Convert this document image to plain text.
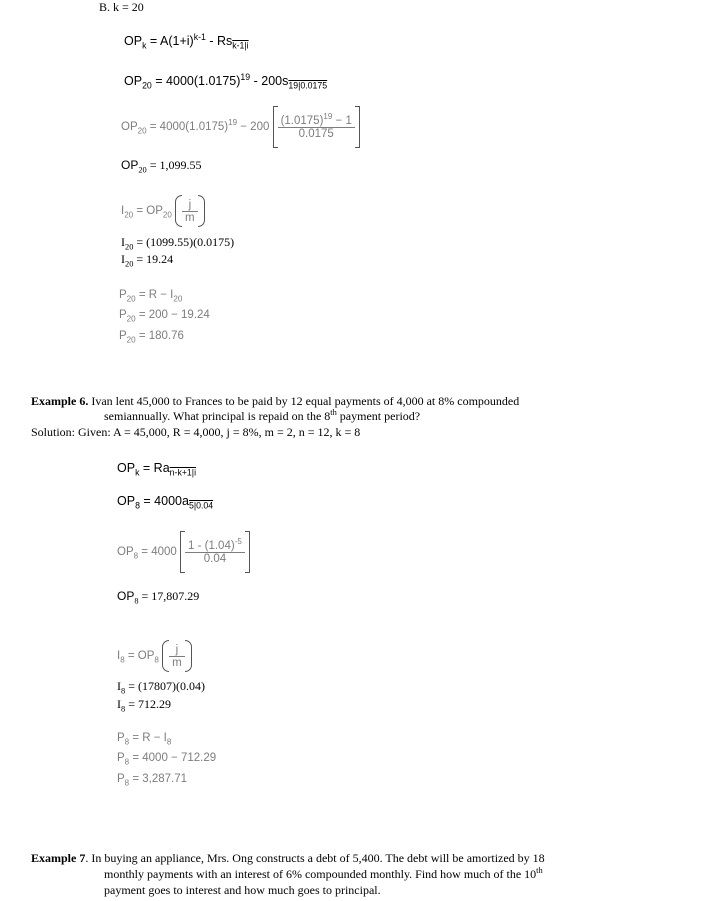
B. k = 20
$OP_k = A(1+i)^{k-1} - Rs_{k-1|i}$
$OP_{20} = 4000(1.0175)^{19} - 200s_{19|0.0175}$
$OP_{20} = 4000(1.0175)^{19} - 200 \frac{(1.0175)^{19} - 1}{0.0175}$
$OP_{20} = 1,099.55$
$I_{20} = OP_{20} \frac{j}{m}$
$I_{20} = (1099.55)(0.0175)$
$I_{20} = 19.24$
$P_{20} = R - I_{20}$
$P_{20} = 200 - 19.24$
$P_{20} = 180.76$

Example 6. Ivan lent 45,000 to Frances to be paid by 12 equal payments of 4,000 at 8% compounded

semiannually. What principal is repaid on the 8th payment period?

Solution: Given: A = 45,000, R = 4,000, j = 8%, m = 2, n = 12, k = 8
$OP_k = Ra_{n-k+1|i}$
$OP_8 = 4000a_{5|0.04}$
$OP_8 = 4000 \frac{1 - (1.04)^{-5}}{0.04}$
$OP_8 = 17,807.29$
$I_8 = OP_8 \frac{j}{m}$
$I_8 = (17807)(0.04)$
$I_8 = 712.29$
$P_8 = R - I_8$
$P_8 = 4000 - 712.29$
$P_8 = 3,287.71$

Example 7. In buying an appliance, Mrs. Ong constructs a debt of 5,400. The debt will be amortized by 18

monthly payments with an interest of 6% compounded monthly. Find how much of the 10th

payment goes to interest and how much goes to principal.
